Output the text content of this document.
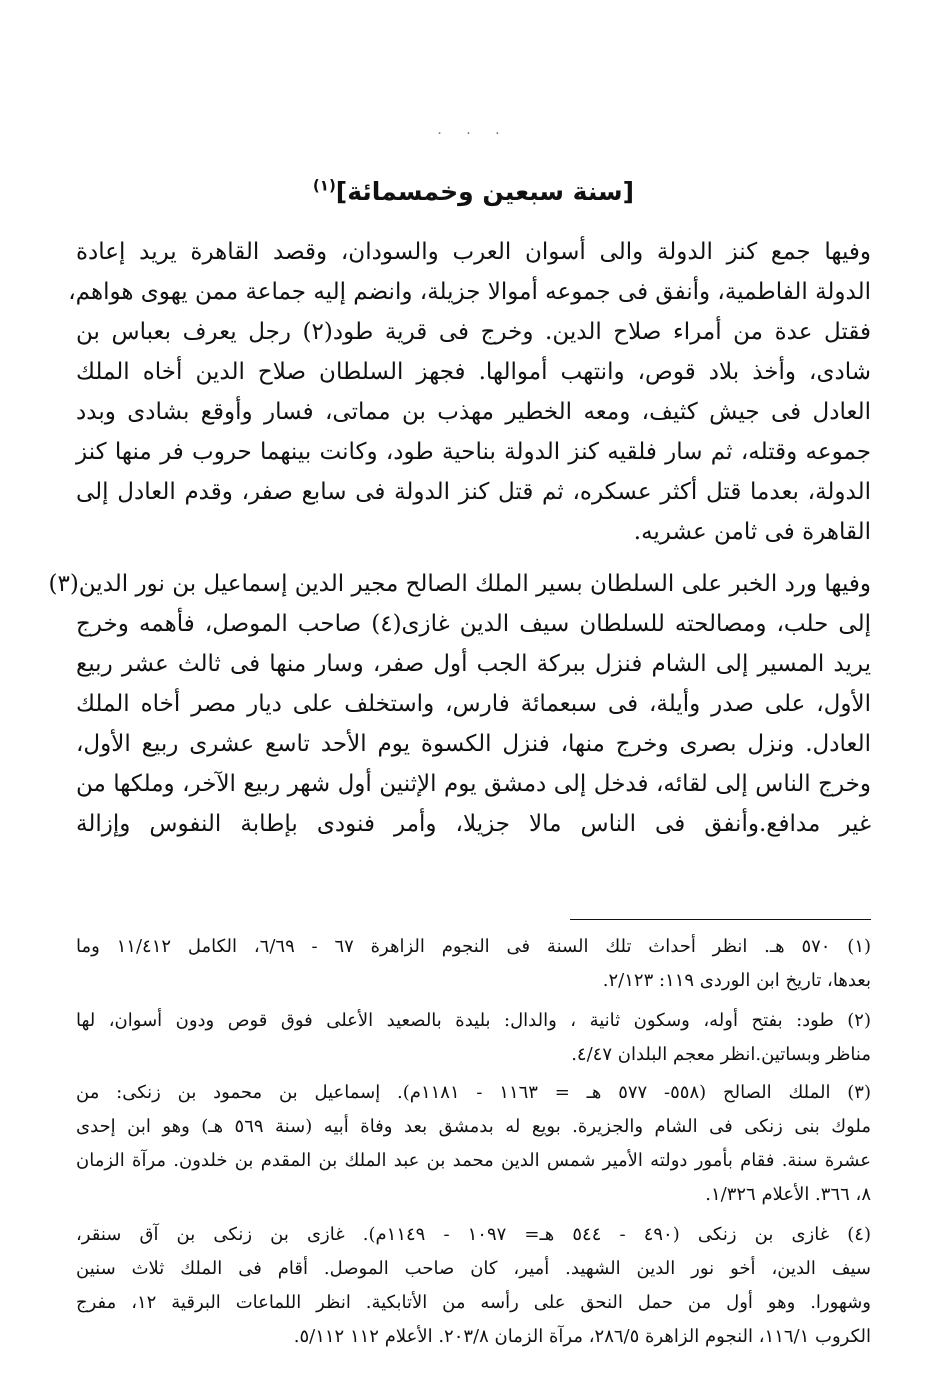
· · ·
[سنة سبعين وخمسمائة]$^{(١)}$
وفيها جمع كنز الدولة والى أسوان العرب والسودان، وقصد القاهرة يريد إعادة
الدولة الفاطمية، وأنفق فى جموعه أموالا جزيلة، وانضم إليه جماعة ممن يهوى هواهم،
فقتل عدة من أمراء صلاح الدين. وخرج فى قرية طود(٢) رجل يعرف بعباس بن
شادى، وأخذ بلاد قوص، وانتهب أموالها. فجهز السلطان صلاح الدين أخاه الملك
العادل فى جيش كثيف، ومعه الخطير مهذب بن مماتى، فسار وأوقع بشادى وبدد
جموعه وقتله، ثم سار فلقيه كنز الدولة بناحية طود، وكانت بينهما حروب فر منها كنز
الدولة، بعدما قتل أكثر عسكره، ثم قتل كنز الدولة فى سابع صفر، وقدم العادل إلى
القاهرة فى ثامن عشريه.
وفيها ورد الخبر على السلطان بسير الملك الصالح مجير الدين إسماعيل بن نور الدين(٣)
إلى حلب، ومصالحته للسلطان سيف الدين غازى(٤) صاحب الموصل، فأهمه وخرج
يريد المسير إلى الشام فنزل ببركة الجب أول صفر، وسار منها فى ثالث عشر ربيع
الأول، على صدر وأيلة، فى سبعمائة فارس، واستخلف على ديار مصر أخاه الملك
العادل. ونزل بصرى وخرج منها، فنزل الكسوة يوم الأحد تاسع عشرى ربيع الأول،
وخرج الناس إلى لقائه، فدخل إلى دمشق يوم الإثنين أول شهر ربيع الآخر، وملكها من
غير مدافع.وأنفق فى الناس مالا جزيلا، وأمر فنودى بإطابة النفوس وإزالة
(١) ٥٧٠ هـ. انظر أحداث تلك السنة فى النجوم الزاهرة ٦٧ - ٦/٦٩، الكامل ١١/٤١٢ وما
بعدها، تاريخ ابن الوردى ١١٩: ٢/١٢٣.
(٢) طود: بفتح أوله، وسكون ثانية ، والدال: بليدة بالصعيد الأعلى فوق قوص ودون أسوان، لها
مناظر وبساتين.انظر معجم البلدان ٤/٤٧.
(٣) الملك الصالح (٥٥٨- ٥٧٧ هـ = ١١٦٣ - ١١٨١م). إسماعيل بن محمود بن زنكى: من
ملوك بنى زنكى فى الشام والجزيرة. بويع له بدمشق بعد وفاة أبيه (سنة ٥٦٩ هـ) وهو ابن إحدى
عشرة سنة. فقام بأمور دولته الأمير شمس الدين محمد بن عبد الملك بن المقدم بن خلدون. مرآة الزمان
٨، ٣٦٦. الأعلام ١/٣٢٦.
(٤) غازى بن زنكى (٤٩٠ - ٥٤٤ هـ= ١٠٩٧ - ١١٤٩م). غازى بن زنكى بن آق سنقر،
سيف الدين، أخو نور الدين الشهيد. أمير، كان صاحب الموصل. أقام فى الملك ثلاث سنين
وشهورا. وهو أول من حمل النحق على رأسه من الأتابكية. انظر اللماعات البرقية ١٢، مفرج
الكروب ١١٦/١، النجوم الزاهرة ٢٨٦/٥، مرآة الزمان ٢٠٣/٨. الأعلام ١١٢ ٥/١١٢.
